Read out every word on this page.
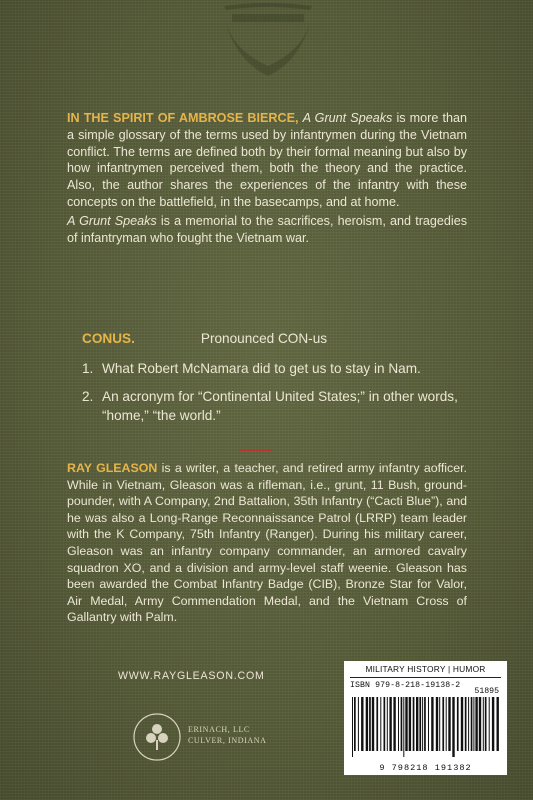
IN THE SPIRIT OF AMBROSE BIERCE, A Grunt Speaks is more than a simple glossary of the terms used by infantrymen during the Vietnam conflict. The terms are defined both by their formal meaning but also by how infantrymen perceived them, both the theory and the practice. Also, the author shares the experiences of the infantry with these concepts on the battlefield, in the basecamps, and at home.

A Grunt Speaks is a memorial to the sacrifices, heroism, and tragedies of infantryman who fought the Vietnam war.

CONUS.	Pronounced CON-us
1. What Robert McNamara did to get us to stay in Nam.
2. An acronym for “Continental United States;” in other words, “home,” “the world.”

RAY GLEASON is a writer, a teacher, and retired army infantry aofficer. While in Vietnam, Gleason was a rifleman, i.e., grunt, 11 Bush, ground-pounder, with A Company, 2nd Battalion, 35th Infantry (“Cacti Blue”), and he was also a Long-Range Reconnaissance Patrol (LRRP) team leader with the K Company, 75th Infantry (Ranger). During his military career, Gleason was an infantry company commander, an armored cavalry squadron XO, and a division and army-level staff weenie. Gleason has been awarded the Combat Infantry Badge (CIB), Bronze Star for Valor, Air Medal, Army Commendation Medal, and the Vietnam Cross of Gallantry with Palm.

WWW.RAYGLEASON.COM
ERINACH, LLC
CULVER, INDIANA
MILITARY HISTORY | HUMOR
ISBN 979-8-218-19138-2
51895
9 798218 191382
